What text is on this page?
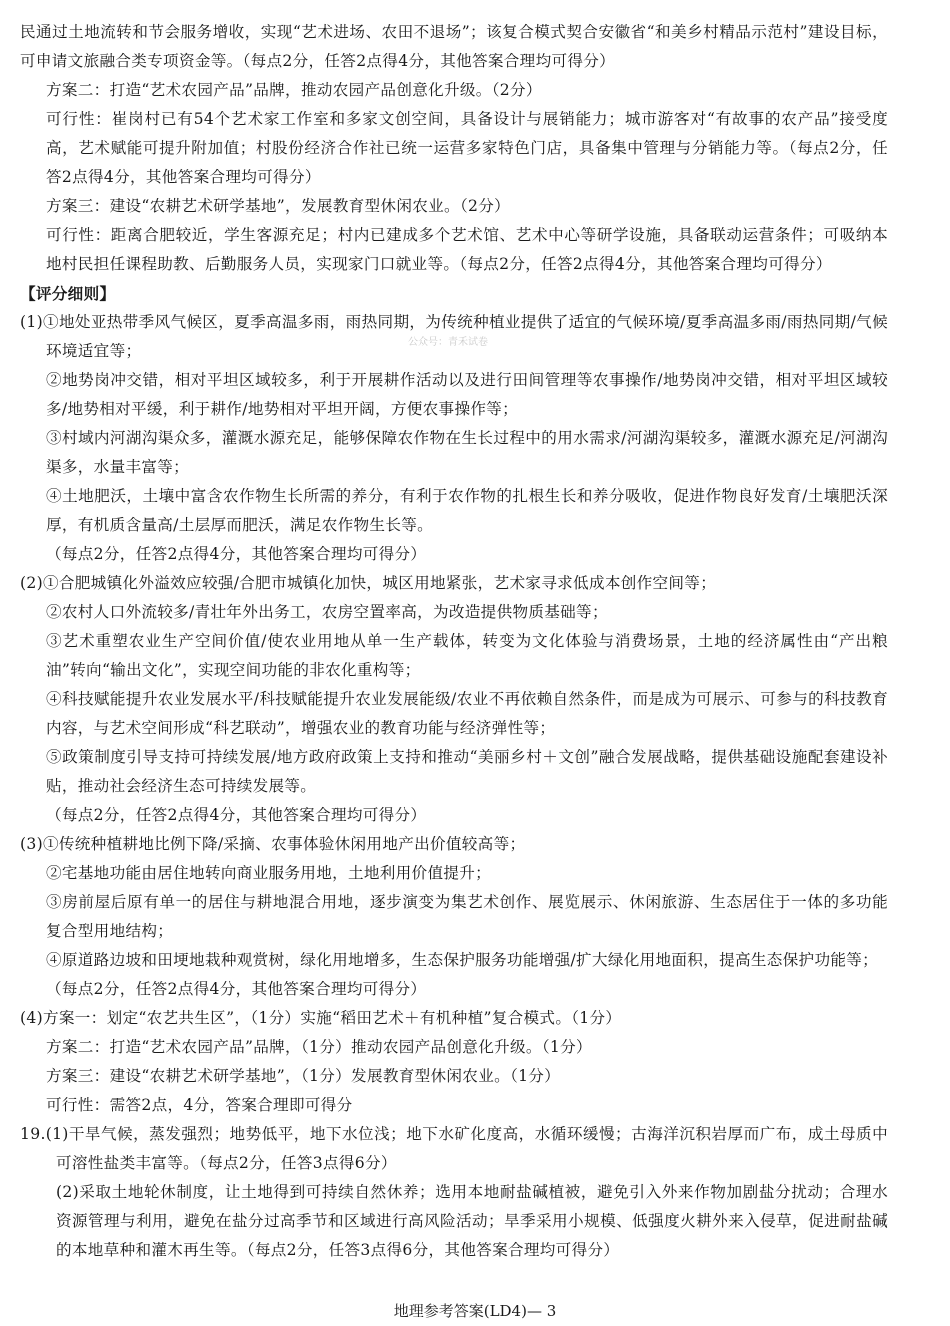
民通过土地流转和节会服务增收，实现“艺术进场、农田不退场”；该复合模式契合安徽省“和美乡村精品示范村”建设目标，可申请文旅融合类专项资金等。（每点2分，任答2点得4分，其他答案合理均可得分）

方案二：打造“艺术农园产品”品牌，推动农园产品创意化升级。（2分）

可行性：崔岗村已有54个艺术家工作室和多家文创空间，具备设计与展销能力；城市游客对“有故事的农产品”接受度高，艺术赋能可提升附加值；村股份经济合作社已统一运营多家特色门店，具备集中管理与分销能力等。（每点2分，任答2点得4分，其他答案合理均可得分）

方案三：建设“农耕艺术研学基地”，发展教育型休闲农业。（2分）

可行性：距离合肥较近，学生客源充足；村内已建成多个艺术馆、艺术中心等研学设施，具备联动运营条件；可吸纳本地村民担任课程助教、后勤服务人员，实现家门口就业等。（每点2分，任答2点得4分，其他答案合理均可得分）

【评分细则】

(1)①地处亚热带季风气候区，夏季高温多雨，雨热同期，为传统种植业提供了适宜的气候环境/夏季高温多雨/雨热同期/气候环境适宜等；

②地势岗冲交错，相对平坦区域较多，利于开展耕作活动以及进行田间管理等农事操作/地势岗冲交错，相对平坦区域较多/地势相对平缓，利于耕作/地势相对平坦开阔，方便农事操作等；

③村域内河湖沟渠众多，灌溉水源充足，能够保障农作物在生长过程中的用水需求/河湖沟渠较多，灌溉水源充足/河湖沟渠多，水量丰富等；

④土地肥沃，土壤中富含农作物生长所需的养分，有利于农作物的扎根生长和养分吸收，促进作物良好发育/土壤肥沃深厚，有机质含量高/土层厚而肥沃，满足农作物生长等。

（每点2分，任答2点得4分，其他答案合理均可得分）

(2)①合肥城镇化外溢效应较强/合肥市城镇化加快，城区用地紧张，艺术家寻求低成本创作空间等；

②农村人口外流较多/青壮年外出务工，农房空置率高，为改造提供物质基础等；

③艺术重塑农业生产空间价值/使农业用地从单一生产载体，转变为文化体验与消费场景，土地的经济属性由“产出粮油”转向“输出文化”，实现空间功能的非农化重构等；

④科技赋能提升农业发展水平/科技赋能提升农业发展能级/农业不再依赖自然条件，而是成为可展示、可参与的科技教育内容，与艺术空间形成“科艺联动”，增强农业的教育功能与经济弹性等；

⑤政策制度引导支持可持续发展/地方政府政策上支持和推动“美丽乡村＋文创”融合发展战略，提供基础设施配套建设补贴，推动社会经济生态可持续发展等。

（每点2分，任答2点得4分，其他答案合理均可得分）

(3)①传统种植耕地比例下降/采摘、农事体验休闲用地产出价值较高等；

②宅基地功能由居住地转向商业服务用地，土地利用价值提升；

③房前屋后原有单一的居住与耕地混合用地，逐步演变为集艺术创作、展览展示、休闲旅游、生态居住于一体的多功能复合型用地结构；

④原道路边坡和田埂地栽种观赏树，绿化用地增多，生态保护服务功能增强/扩大绿化用地面积，提高生态保护功能等；

（每点2分，任答2点得4分，其他答案合理均可得分）

(4)方案一：划定“农艺共生区”，（1分）实施“稻田艺术＋有机种植”复合模式。（1分）

方案二：打造“艺术农园产品”品牌，（1分）推动农园产品创意化升级。（1分）

方案三：建设“农耕艺术研学基地”，（1分）发展教育型休闲农业。（1分）

可行性：需答2点，4分，答案合理即可得分

19.(1)干旱气候，蒸发强烈；地势低平，地下水位浅；地下水矿化度高，水循环缓慢；古海洋沉积岩厚而广布，成土母质中可溶性盐类丰富等。（每点2分，任答3点得6分）

(2)采取土地轮休制度，让土地得到可持续自然休养；选用本地耐盐碱植被，避免引入外来作物加剧盐分扰动；合理水资源管理与利用，避免在盐分过高季节和区域进行高风险活动；旱季采用小规模、低强度火耕外来入侵草，促进耐盐碱的本地草种和灌木再生等。（每点2分，任答3点得6分，其他答案合理均可得分）

公众号：青禾试卷
地理参考答案(LD4)— 3
